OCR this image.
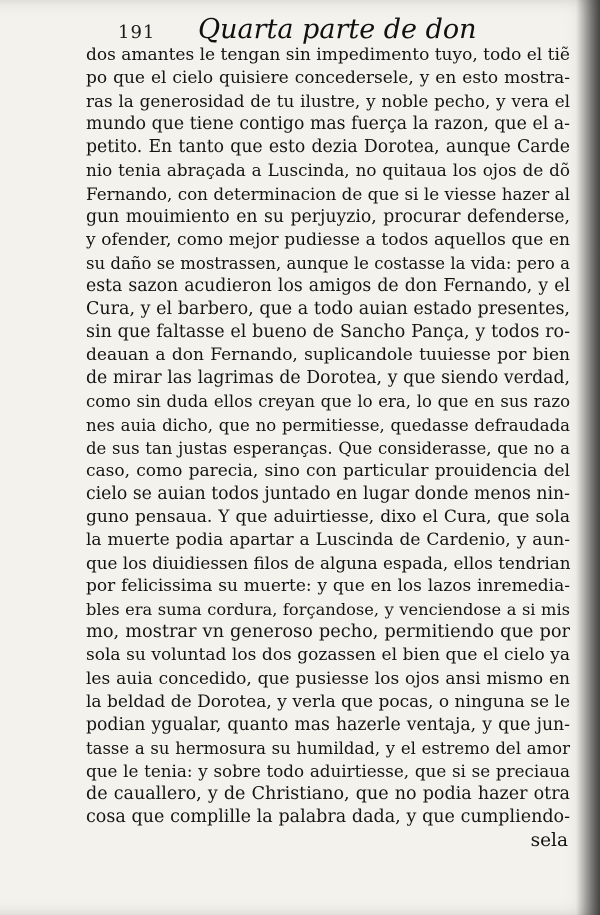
191 Quarta parte de don
dos amantes le tengan sin impedimento tuyo, todo el tiẽ
po que el cielo quisiere concedersele, y en esto mostra-
ras la generosidad de tu ilustre, y noble pecho, y vera el
mundo que tiene contigo mas fuerça la razon, que el a-
petito. En tanto que esto dezia Dorotea, aunque Carde
nio tenia abraçada a Luscinda, no quitaua los ojos de dõ
Fernando, con determinacion de que si le viesse hazer al
gun mouimiento en su perjuyzio, procurar defenderse,
y ofender, como mejor pudiesse a todos aquellos que en
su daño se mostrassen, aunque le costasse la vida: pero a
esta sazon acudieron los amigos de don Fernando, y el
Cura, y el barbero, que a todo auian estado presentes,
sin que faltasse el bueno de Sancho Pança, y todos ro-
deauan a don Fernando, suplicandole tuuiesse por bien
de mirar las lagrimas de Dorotea, y que siendo verdad,
como sin duda ellos creyan que lo era, lo que en sus razo
nes auia dicho, que no permitiesse, quedasse defraudada
de sus tan justas esperanças. Que considerasse, que no a
caso, como parecia, sino con particular prouidencia del
cielo se auian todos juntado en lugar donde menos nin-
guno pensaua. Y que aduirtiesse, dixo el Cura, que sola
la muerte podia apartar a Luscinda de Cardenio, y aun-
que los diuidiessen filos de alguna espada, ellos tendrian
por felicissima su muerte: y que en los lazos inremedia-
bles era suma cordura, forçandose, y venciendose a si mis
mo, mostrar vn generoso pecho, permitiendo que por
sola su voluntad los dos gozassen el bien que el cielo ya
les auia concedido, que pusiesse los ojos ansi mismo en
la beldad de Dorotea, y verla que pocas, o ninguna se le
podian ygualar, quanto mas hazerle ventaja, y que jun-
tasse a su hermosura su humildad, y el estremo del amor
que le tenia: y sobre todo aduirtiesse, que si se preciaua
de cauallero, y de Christiano, que no podia hazer otra
cosa que complille la palabra dada, y que cumpliendo-
sela
